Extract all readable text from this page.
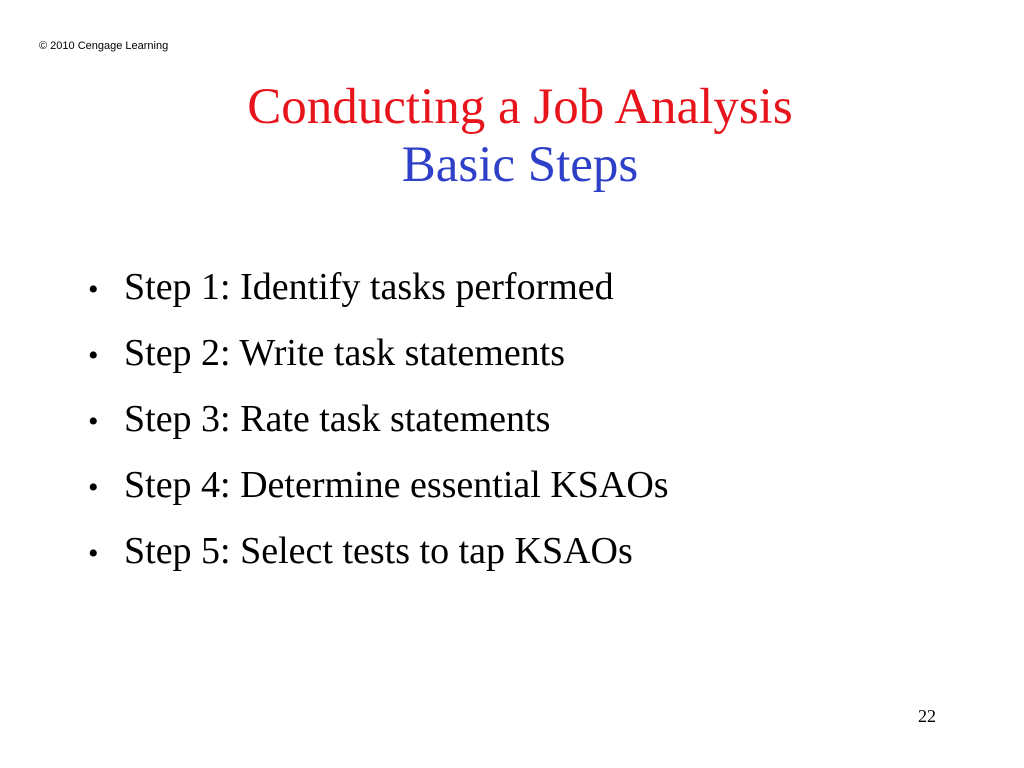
© 2010 Cengage Learning
Conducting a Job Analysis
Basic Steps
• Step 1: Identify tasks performed
• Step 2: Write task statements
• Step 3: Rate task statements
• Step 4: Determine essential KSAOs
• Step 5: Select tests to tap KSAOs
22
